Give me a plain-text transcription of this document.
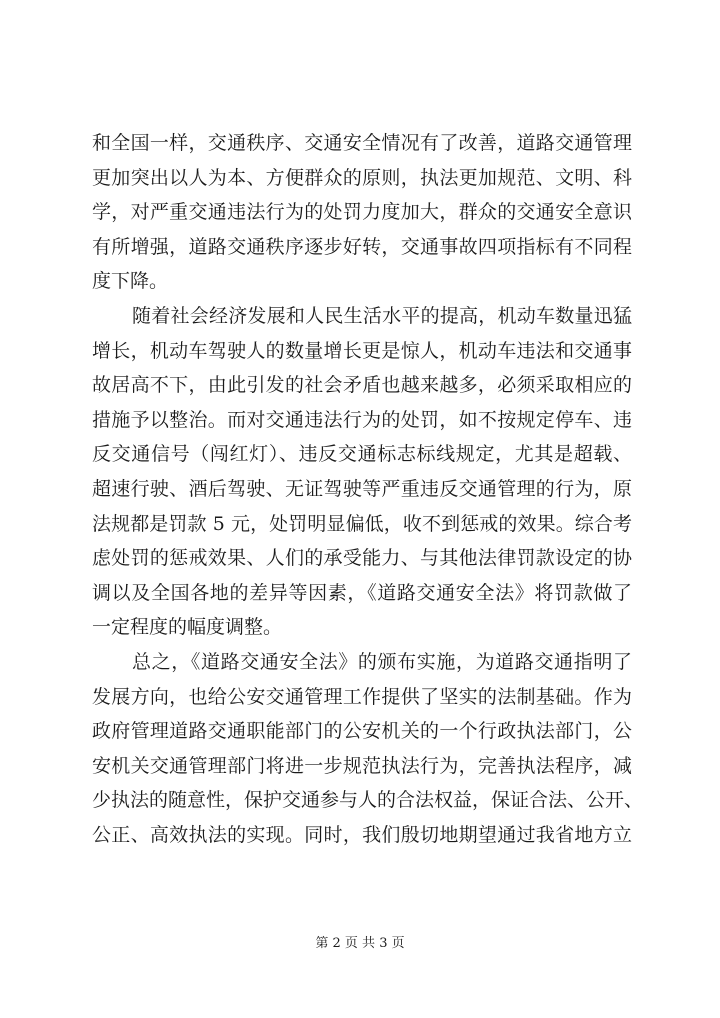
和全国一样，交通秩序、交通安全情况有了改善，道路交通管理
更加突出以人为本、方便群众的原则，执法更加规范、文明、科
学，对严重交通违法行为的处罚力度加大，群众的交通安全意识
有所增强，道路交通秩序逐步好转，交通事故四项指标有不同程
度下降。
随着社会经济发展和人民生活水平的提高，机动车数量迅猛
增长，机动车驾驶人的数量增长更是惊人，机动车违法和交通事
故居高不下，由此引发的社会矛盾也越来越多，必须采取相应的
措施予以整治。而对交通违法行为的处罚，如不按规定停车、违
反交通信号（闯红灯）、违反交通标志标线规定，尤其是超载、
超速行驶、酒后驾驶、无证驾驶等严重违反交通管理的行为，原
法规都是罚款 5 元，处罚明显偏低，收不到惩戒的效果。综合考
虑处罚的惩戒效果、人们的承受能力、与其他法律罚款设定的协
调以及全国各地的差异等因素，《道路交通安全法》将罚款做了
一定程度的幅度调整。
总之，《道路交通安全法》的颁布实施，为道路交通指明了
发展方向，也给公安交通管理工作提供了坚实的法制基础。作为
政府管理道路交通职能部门的公安机关的一个行政执法部门，公
安机关交通管理部门将进一步规范执法行为，完善执法程序，减
少执法的随意性，保护交通参与人的合法权益，保证合法、公开、
公正、高效执法的实现。同时，我们殷切地期望通过我省地方立
第 2 页 共 3 页
